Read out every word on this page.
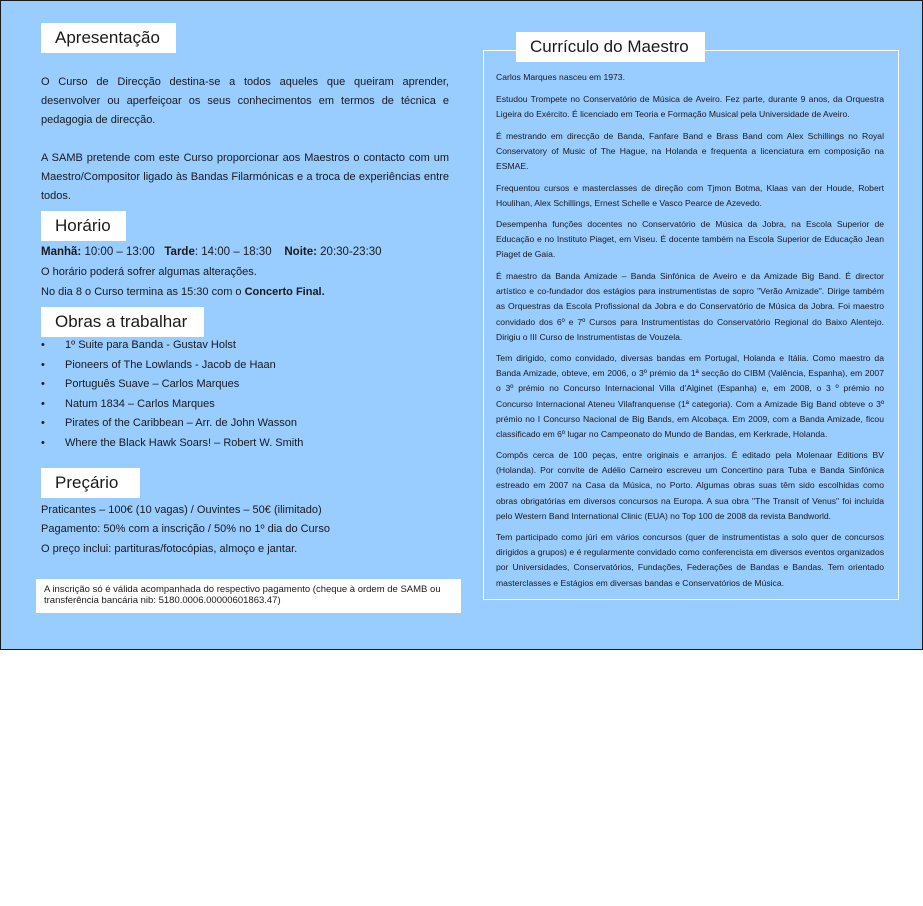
Apresentação
O Curso de Direcção destina-se a todos aqueles que queiram aprender, desenvolver ou aperfeiçoar os seus conhecimentos em termos de técnica e pedagogia de direcção.
A SAMB pretende com este Curso proporcionar aos Maestros o contacto com um Maestro/Compositor ligado às Bandas Filarmónicas e a troca de experiências entre todos.
Horário
Manhã: 10:00 – 13:00 Tarde: 14:00 – 18:30 Noite: 20:30-23:30
O horário poderá sofrer algumas alterações.
No dia 8 o Curso termina as 15:30 com o Concerto Final.
Obras a trabalhar
• 1º Suite para Banda - Gustav Holst
• Pioneers of The Lowlands - Jacob de Haan
• Português Suave – Carlos Marques
• Natum 1834 – Carlos Marques
• Pirates of the Caribbean – Arr. de John Wasson
• Where the Black Hawk Soars! – Robert W. Smith
Preçário
Praticantes – 100€ (10 vagas) / Ouvintes – 50€ (ilimitado)
Pagamento: 50% com a inscrição / 50% no 1º dia do Curso
O preço inclui: partituras/fotocópias, almoço e jantar.
A inscrição só é válida acompanhada do respectivo pagamento (cheque à ordem de SAMB ou transferência bancária nib: 5180.0006.00000601863.47)
Currículo do Maestro
Carlos Marques nasceu em 1973.
Estudou Trompete no Conservatório de Música de Aveiro. Fez parte, durante 9 anos, da Orquestra Ligeira do Exército. É licenciado em Teoria e Formação Musical pela Universidade de Aveiro.
É mestrando em direcção de Banda, Fanfare Band e Brass Band com Alex Schillings no Royal Conservatory of Music of The Hague, na Holanda e frequenta a licenciatura em composição na ESMAE.
Frequentou cursos e masterclasses de direção com Tjmon Botma, Klaas van der Houde, Robert Houlihan, Alex Schillings, Ernest Schelle e Vasco Pearce de Azevedo.
Desempenha funções docentes no Conservatório de Música da Jobra, na Escola Superior de Educação e no Instituto Piaget, em Viseu. É docente também na Escola Superior de Educação Jean Piaget de Gaia.
É maestro da Banda Amizade – Banda Sinfónica de Aveiro e da Amizade Big Band. É director artístico e co-fundador dos estágios para instrumentistas de sopro "Verão Amizade". Dirige também as Orquestras da Escola Profissional da Jobra e do Conservatório de Música da Jobra. Foi maestro convidado dos 6º e 7º Cursos para Instrumentistas do Conservatório Regional do Baixo Alentejo. Dirigiu o III Curso de Instrumentistas de Vouzela.
Tem dirigido, como convidado, diversas bandas em Portugal, Holanda e Itália. Como maestro da Banda Amizade, obteve, em 2006, o 3º prémio da 1ª secção do CIBM (Valência, Espanha), em 2007 o 3º prémio no Concurso Internacional Villa d'Alginet (Espanha) e, em 2008, o 3 º prémio no Concurso Internacional Ateneu Vilafranquense (1ª categoria). Com a Amizade Big Band obteve o 3º prémio no I Concurso Nacional de Big Bands, em Alcobaça. Em 2009, com a Banda Amizade, ficou classificado em 6º lugar no Campeonato do Mundo de Bandas, em Kerkrade, Holanda.
Compôs cerca de 100 peças, entre originais e arranjos. É editado pela Molenaar Editions BV (Holanda). Por convite de Adélio Carneiro escreveu um Concertino para Tuba e Banda Sinfónica estreado em 2007 na Casa da Música, no Porto. Algumas obras suas têm sido escolhidas como obras obrigatórias em diversos concursos na Europa. A sua obra "The Transit of Venus" foi incluída pelo Western Band International Clinic (EUA) no Top 100 de 2008 da revista Bandworld.
Tem participado como júri em vários concursos (quer de instrumentistas a solo quer de concursos dirigidos a grupos) e é regularmente convidado como conferencista em diversos eventos organizados por Universidades, Conservatórios, Fundações, Federações de Bandas e Bandas. Tem orientado masterclasses e Estágios em diversas bandas e Conservatórios de Música.
